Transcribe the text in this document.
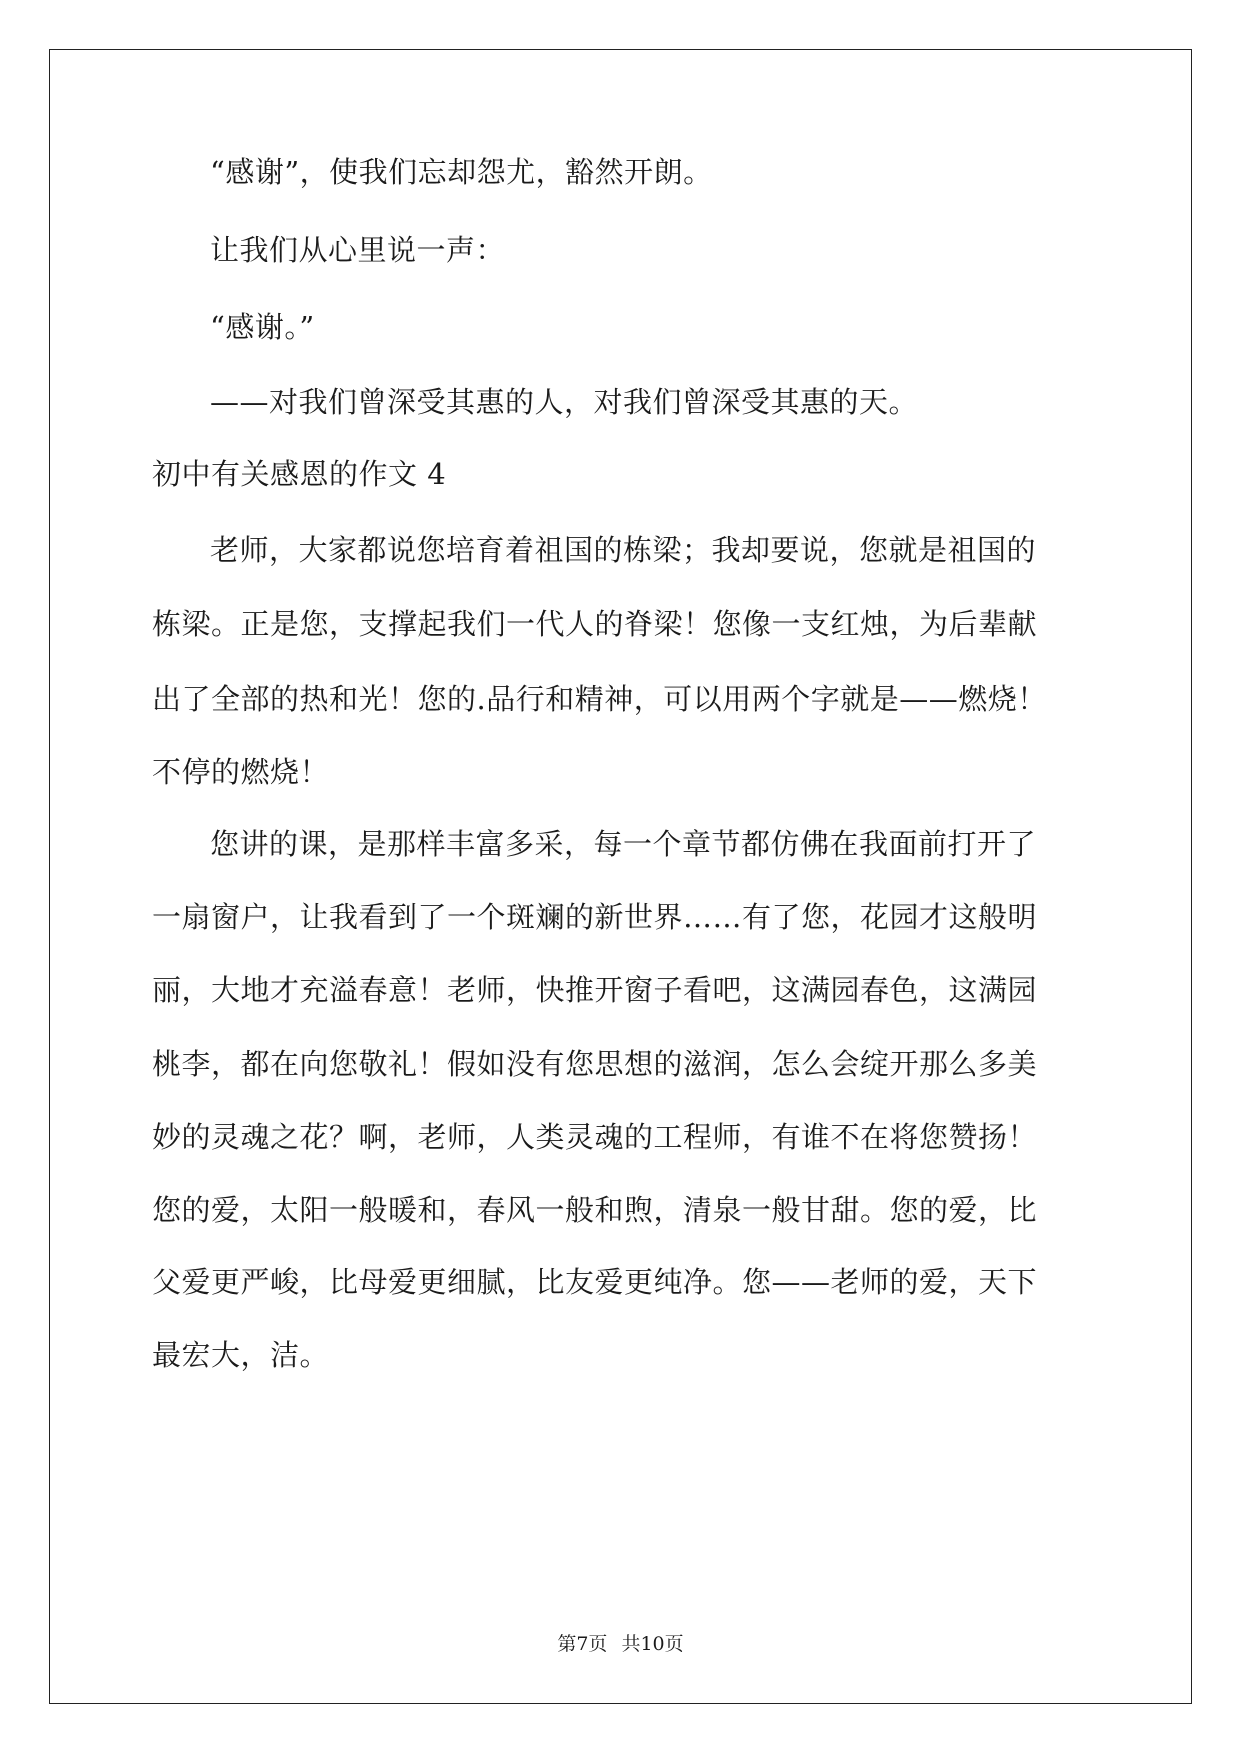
“感谢”，使我们忘却怨尤，豁然开朗。
让我们从心里说一声：
“感谢。”
——对我们曾深受其惠的人，对我们曾深受其惠的天。
初中有关感恩的作文 4
老师，大家都说您培育着祖国的栋梁；我却要说，您就是祖国的
栋梁。正是您，支撑起我们一代人的脊梁！您像一支红烛，为后辈献
出了全部的热和光！您的.品行和精神，可以用两个字就是——燃烧！
不停的燃烧！
您讲的课，是那样丰富多采，每一个章节都仿佛在我面前打开了
一扇窗户，让我看到了一个斑斓的新世界……有了您，花园才这般明
丽，大地才充溢春意！老师，快推开窗子看吧，这满园春色，这满园
桃李，都在向您敬礼！假如没有您思想的滋润，怎么会绽开那么多美
妙的灵魂之花？啊，老师，人类灵魂的工程师，有谁不在将您赞扬！
您的爱，太阳一般暖和，春风一般和煦，清泉一般甘甜。您的爱，比
父爱更严峻，比母爱更细腻，比友爱更纯净。您——老师的爱，天下
最宏大，洁。
第7页 共10页
